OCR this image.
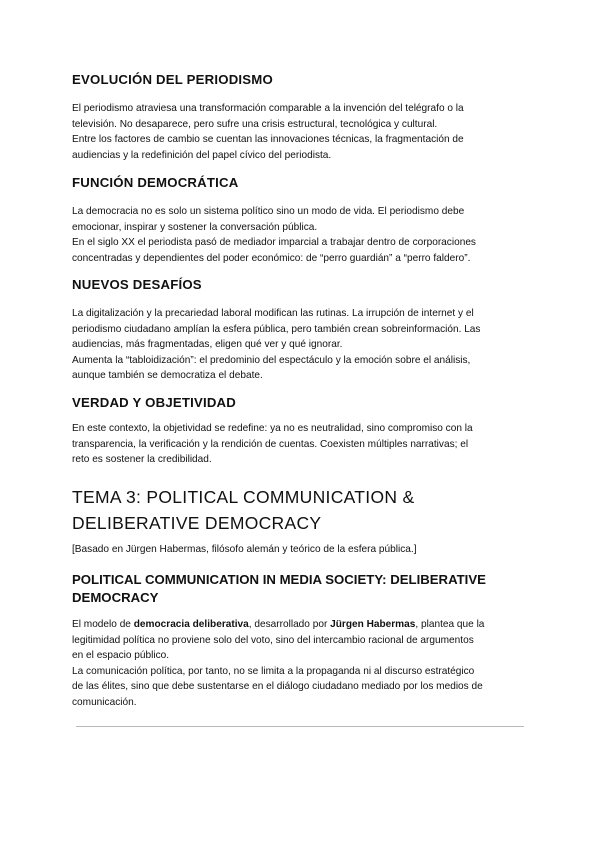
EVOLUCIÓN DEL PERIODISMO

El periodismo atraviesa una transformación comparable a la invención del telégrafo o la
televisión. No desaparece, pero sufre una crisis estructural, tecnológica y cultural.
Entre los factores de cambio se cuentan las innovaciones técnicas, la fragmentación de
audiencias y la redefinición del papel cívico del periodista.

FUNCIÓN DEMOCRÁTICA

La democracia no es solo un sistema político sino un modo de vida. El periodismo debe
emocionar, inspirar y sostener la conversación pública.
En el siglo XX el periodista pasó de mediador imparcial a trabajar dentro de corporaciones
concentradas y dependientes del poder económico: de “perro guardián” a “perro faldero”.

NUEVOS DESAFÍOS

La digitalización y la precariedad laboral modifican las rutinas. La irrupción de internet y el
periodismo ciudadano amplían la esfera pública, pero también crean sobreinformación. Las
audiencias, más fragmentadas, eligen qué ver y qué ignorar.
Aumenta la “tabloidización”: el predominio del espectáculo y la emoción sobre el análisis,
aunque también se democratiza el debate.

VERDAD Y OBJETIVIDAD

En este contexto, la objetividad se redefine: ya no es neutralidad, sino compromiso con la
transparencia, la verificación y la rendición de cuentas. Coexisten múltiples narrativas; el
reto es sostener la credibilidad.

TEMA 3: POLITICAL COMMUNICATION &
DELIBERATIVE DEMOCRACY

[Basado en Jürgen Habermas, filósofo alemán y teórico de la esfera pública.]

POLITICAL COMMUNICATION IN MEDIA SOCIETY: DELIBERATIVE
DEMOCRACY

El modelo de democracia deliberativa, desarrollado por Jürgen Habermas, plantea que la
legitimidad política no proviene solo del voto, sino del intercambio racional de argumentos
en el espacio público.
La comunicación política, por tanto, no se limita a la propaganda ni al discurso estratégico
de las élites, sino que debe sustentarse en el diálogo ciudadano mediado por los medios de
comunicación.
